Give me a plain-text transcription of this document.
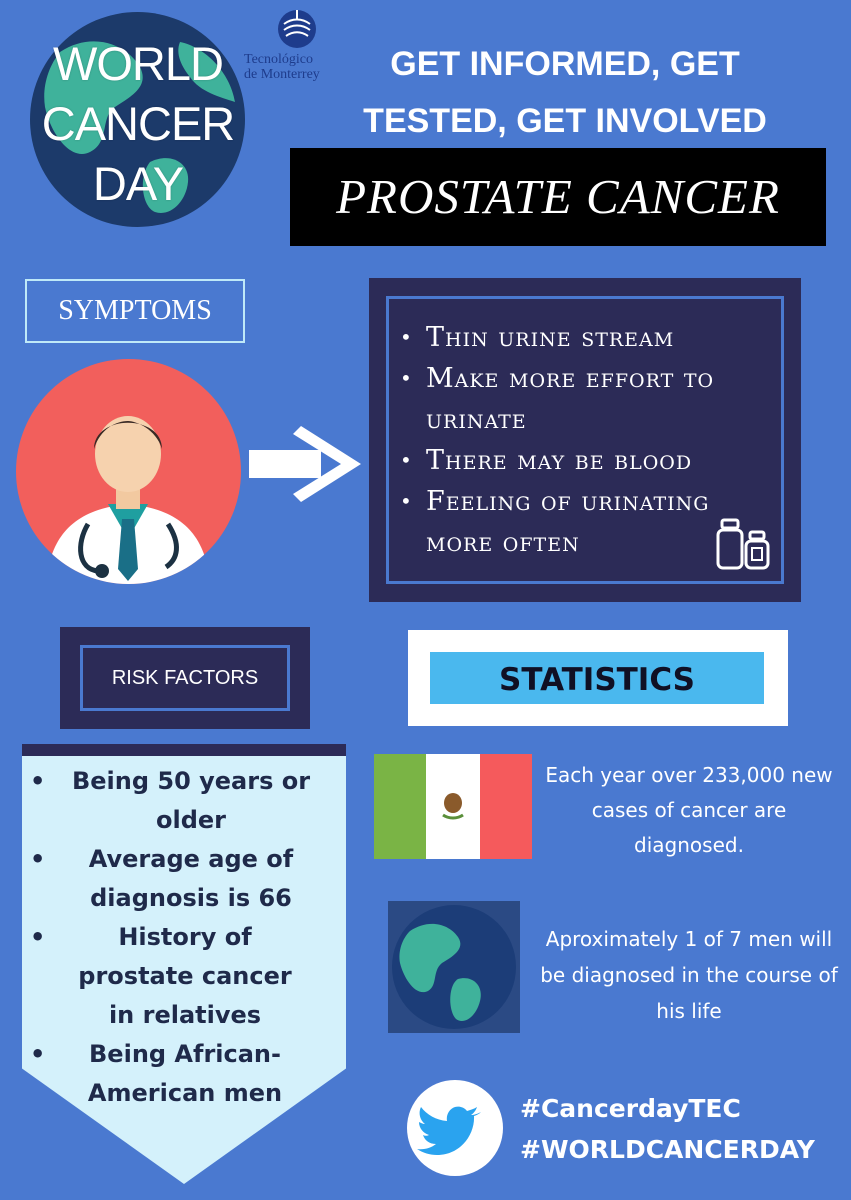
WORLD
CANCER
DAY
Tecnológico
de Monterrey	GET INFORMED, GET
TESTED, GET INVOLVED
PROSTATE CANCER
SYMPTOMS
• Thin urine stream
• Make more effort to urinate
• There may be blood
• Feeling of urinating more often
RISK FACTORS
• Being 50 years or older
• Average age of diagnosis is 66
• History of prostate cancer in relatives
• Being African-American men
STATISTICS
Each year over 233,000 new cases of cancer are diagnosed.
Aproximately 1 of 7 men will be diagnosed in the course of his life
#CancerdayTEC
#WORLDCANCERDAY
